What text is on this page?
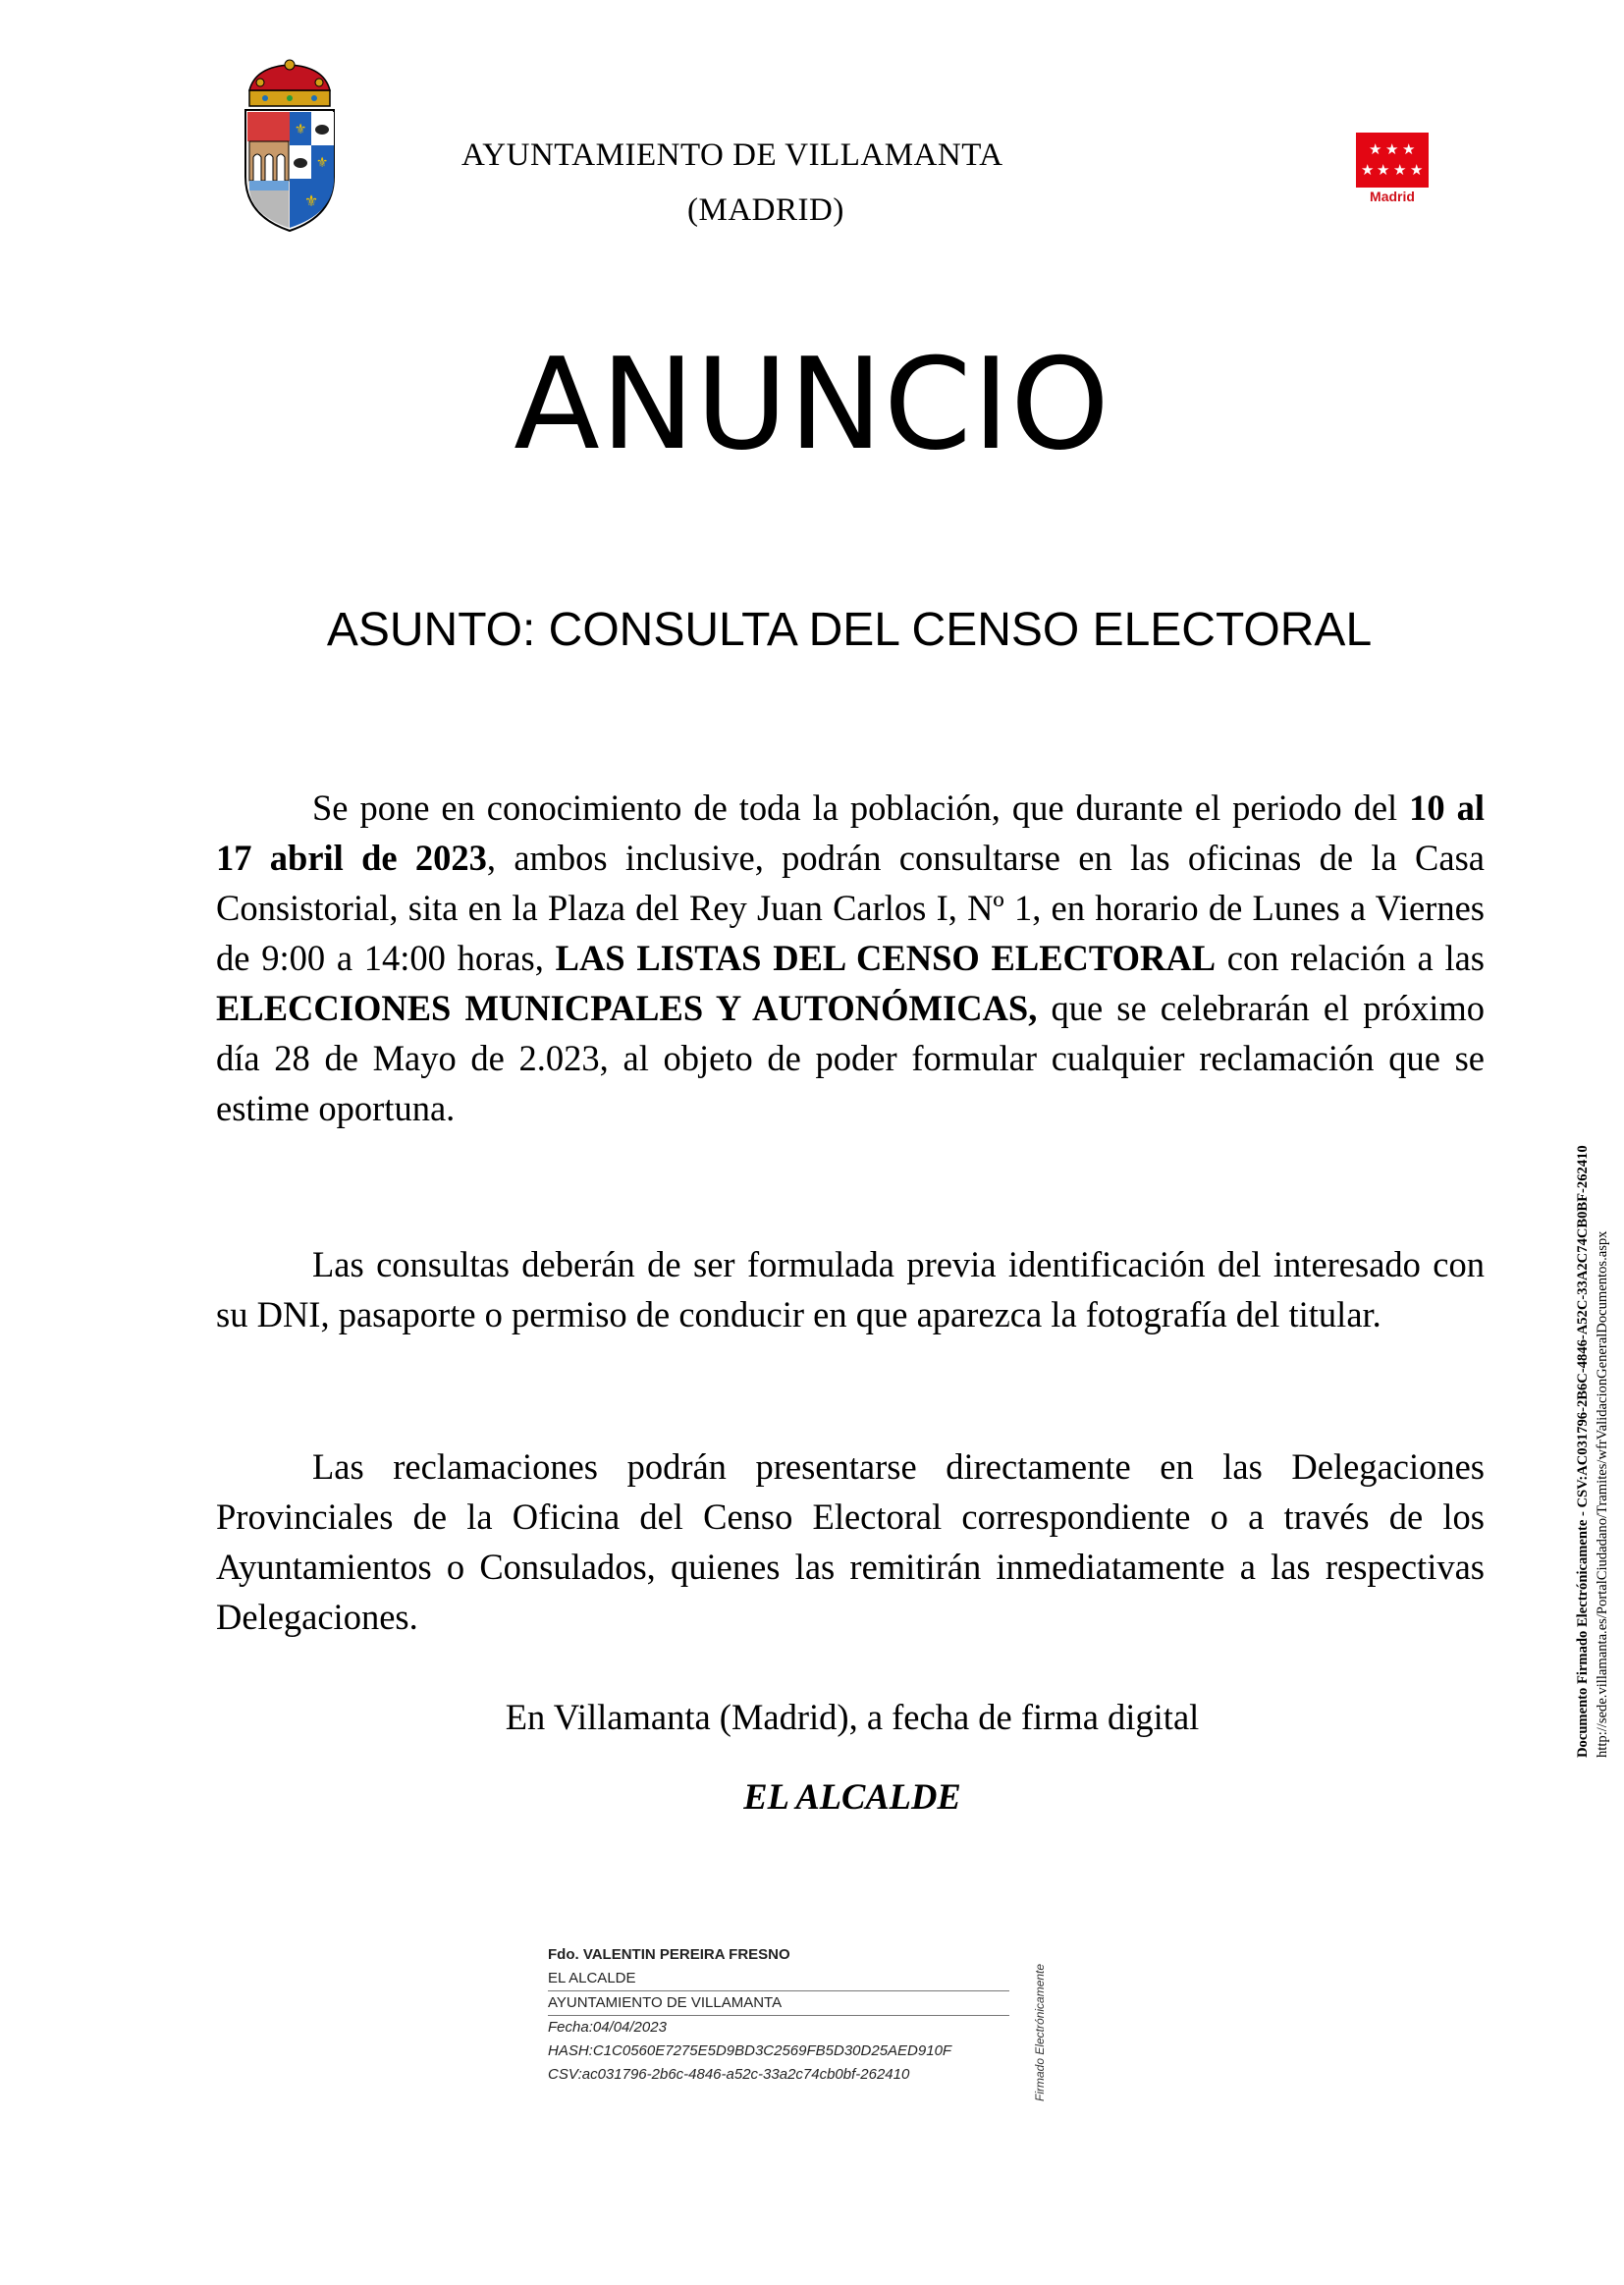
⚜
⚜
⚜
★ ★ ★
★ ★ ★ ★
Madrid
AYUNTAMIENTO DE VILLAMANTA
(MADRID)
ANUNCIO
ASUNTO: CONSULTA DEL CENSO ELECTORAL
Se pone en conocimiento de toda la población, que durante el periodo del 10 al 17 abril de 2023, ambos inclusive, podrán consultarse en las oficinas de la Casa Consistorial, sita en la Plaza del Rey Juan Carlos I, Nº 1, en horario de Lunes a Viernes de 9:00 a 14:00 horas, LAS LISTAS DEL CENSO ELECTORAL con relación a las ELECCIONES MUNICPALES Y AUTONÓMICAS, que se celebrarán el próximo día 28 de Mayo de 2.023, al objeto de poder formular cualquier reclamación que se estime oportuna.
Las consultas deberán de ser formulada previa identificación del interesado con su DNI, pasaporte o permiso de conducir en que aparezca la fotografía del titular.
Las reclamaciones podrán presentarse directamente en las Delegaciones Provinciales de la Oficina del Censo Electoral correspondiente o a través de los Ayuntamientos o Consulados, quienes las remitirán inmediatamente a las respectivas Delegaciones.
En Villamanta (Madrid), a fecha de firma digital
EL ALCALDE
Fdo. VALENTIN PEREIRA FRESNO
EL ALCALDE
AYUNTAMIENTO DE VILLAMANTA
Fecha:04/04/2023
HASH:C1C0560E7275E5D9BD3C2569FB5D30D25AED910F
CSV:ac031796-2b6c-4846-a52c-33a2c74cb0bf-262410	Firmado Electrónicamente
Documento Firmado Electrónicamente - CSV:AC031796-2B6C-4846-A52C-33A2C74CB0BF-262410 http://sede.villamanta.es/PortalCiudadano/Tramites/wfrValidacionGeneralDocumentos.aspx
